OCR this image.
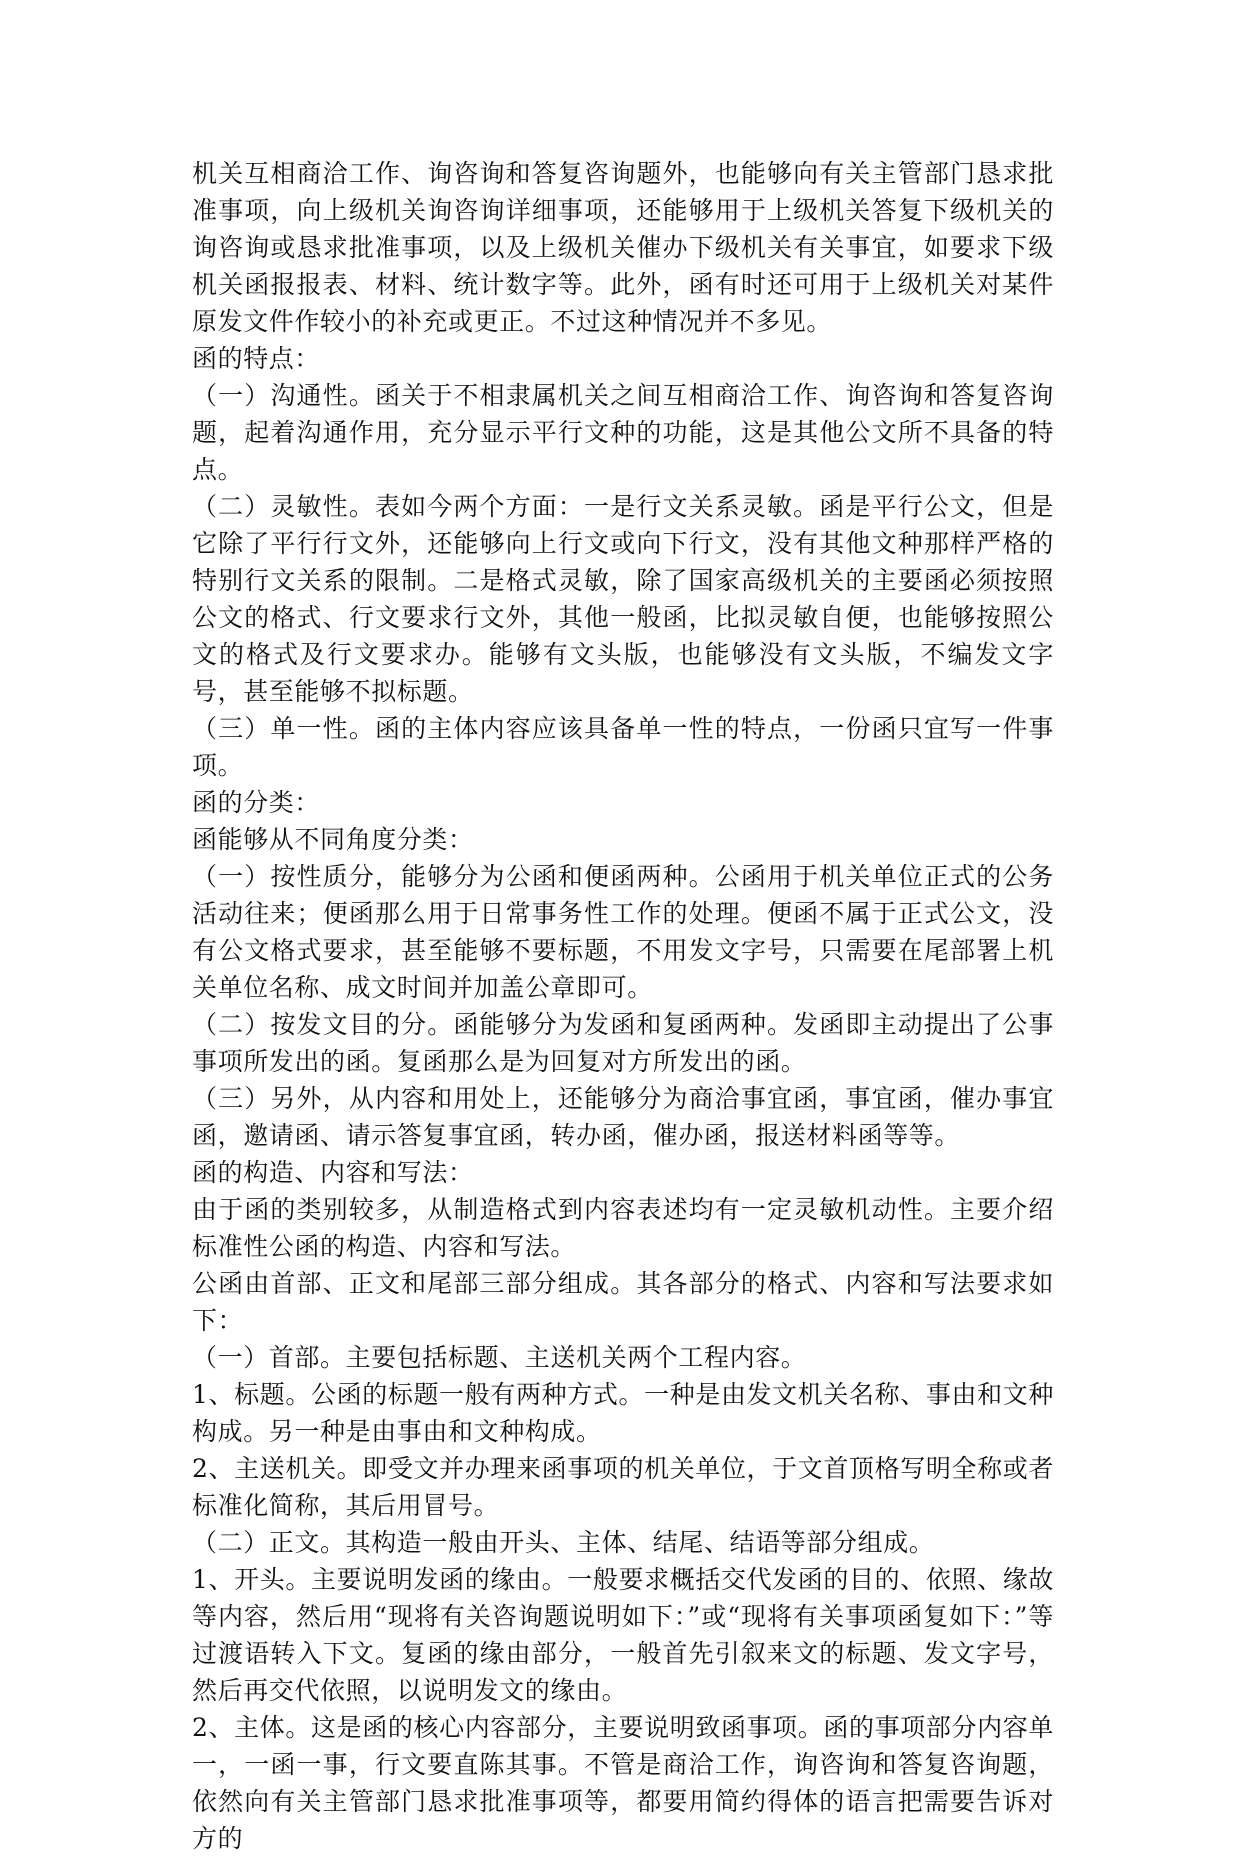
机关互相商洽工作、询咨询和答复咨询题外，也能够向有关主管部门恳求批准事项，向上级机关询咨询详细事项，还能够用于上级机关答复下级机关的询咨询或恳求批准事项，以及上级机关催办下级机关有关事宜，如要求下级机关函报报表、材料、统计数字等。此外，函有时还可用于上级机关对某件原发文件作较小的补充或更正。不过这种情况并不多见。

函的特点：

（一）沟通性。函关于不相隶属机关之间互相商洽工作、询咨询和答复咨询题，起着沟通作用，充分显示平行文种的功能，这是其他公文所不具备的特点。

（二）灵敏性。表如今两个方面：一是行文关系灵敏。函是平行公文，但是它除了平行行文外，还能够向上行文或向下行文，没有其他文种那样严格的特别行文关系的限制。二是格式灵敏，除了国家高级机关的主要函必须按照公文的格式、行文要求行文外，其他一般函，比拟灵敏自便，也能够按照公文的格式及行文要求办。能够有文头版，也能够没有文头版，不编发文字号，甚至能够不拟标题。

（三）单一性。函的主体内容应该具备单一性的特点，一份函只宜写一件事项。

函的分类：

函能够从不同角度分类：

（一）按性质分，能够分为公函和便函两种。公函用于机关单位正式的公务活动往来；便函那么用于日常事务性工作的处理。便函不属于正式公文，没有公文格式要求，甚至能够不要标题，不用发文字号，只需要在尾部署上机关单位名称、成文时间并加盖公章即可。

（二）按发文目的分。函能够分为发函和复函两种。发函即主动提出了公事事项所发出的函。复函那么是为回复对方所发出的函。

（三）另外，从内容和用处上，还能够分为商洽事宜函，事宜函，催办事宜函，邀请函、请示答复事宜函，转办函，催办函，报送材料函等等。

函的构造、内容和写法：

由于函的类别较多，从制造格式到内容表述均有一定灵敏机动性。主要介绍标准性公函的构造、内容和写法。

公函由首部、正文和尾部三部分组成。其各部分的格式、内容和写法要求如下：

（一）首部。主要包括标题、主送机关两个工程内容。

1、标题。公函的标题一般有两种方式。一种是由发文机关名称、事由和文种构成。另一种是由事由和文种构成。

2、主送机关。即受文并办理来函事项的机关单位，于文首顶格写明全称或者标准化简称，其后用冒号。

（二）正文。其构造一般由开头、主体、结尾、结语等部分组成。

1、开头。主要说明发函的缘由。一般要求概括交代发函的目的、依照、缘故等内容，然后用“现将有关咨询题说明如下：”或“现将有关事项函复如下：”等过渡语转入下文。复函的缘由部分，一般首先引叙来文的标题、发文字号，然后再交代依照，以说明发文的缘由。

2、主体。这是函的核心内容部分，主要说明致函事项。函的事项部分内容单一，一函一事，行文要直陈其事。不管是商洽工作，询咨询和答复咨询题，依然向有关主管部门恳求批准事项等，都要用简约得体的语言把需要告诉对方的
